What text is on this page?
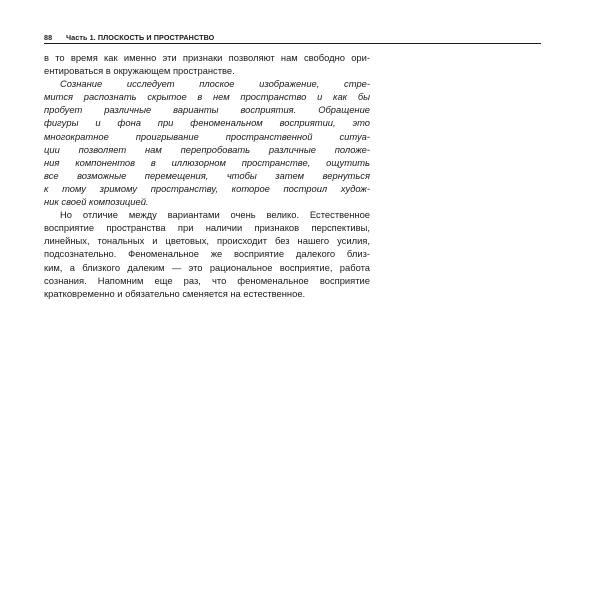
88 Часть 1. ПЛОСКОСТЬ И ПРОСТРАНСТВО

в то время как именно эти признаки позволяют нам свободно ори-
ентироваться в окружающем пространстве.

Сознание исследует плоское изображение, стре-
мится распознать скрытое в нем пространство и как бы
пробует различные варианты восприятия. Обращение
фигуры и фона при феноменальном восприятии, это
многократное проигрывание пространственной ситуа-
ции позволяет нам перепробовать различные положе-
ния компонентов в иллюзорном пространстве, ощутить
все возможные перемещения, чтобы затем вернуться
к тому зримому пространству, которое построил худож-
ник своей композицией.

Но отличие между вариантами очень велико. Естественное
восприятие пространства при наличии признаков перспективы,
линейных, тональных и цветовых, происходит без нашего усилия,
подсознательно. Феноменальное же восприятие далекого близ-
ким, а близкого далеким — это рациональное восприятие, работа
сознания. Напомним еще раз, что феноменальное восприятие
кратковременно и обязательно сменяется на естественное.
